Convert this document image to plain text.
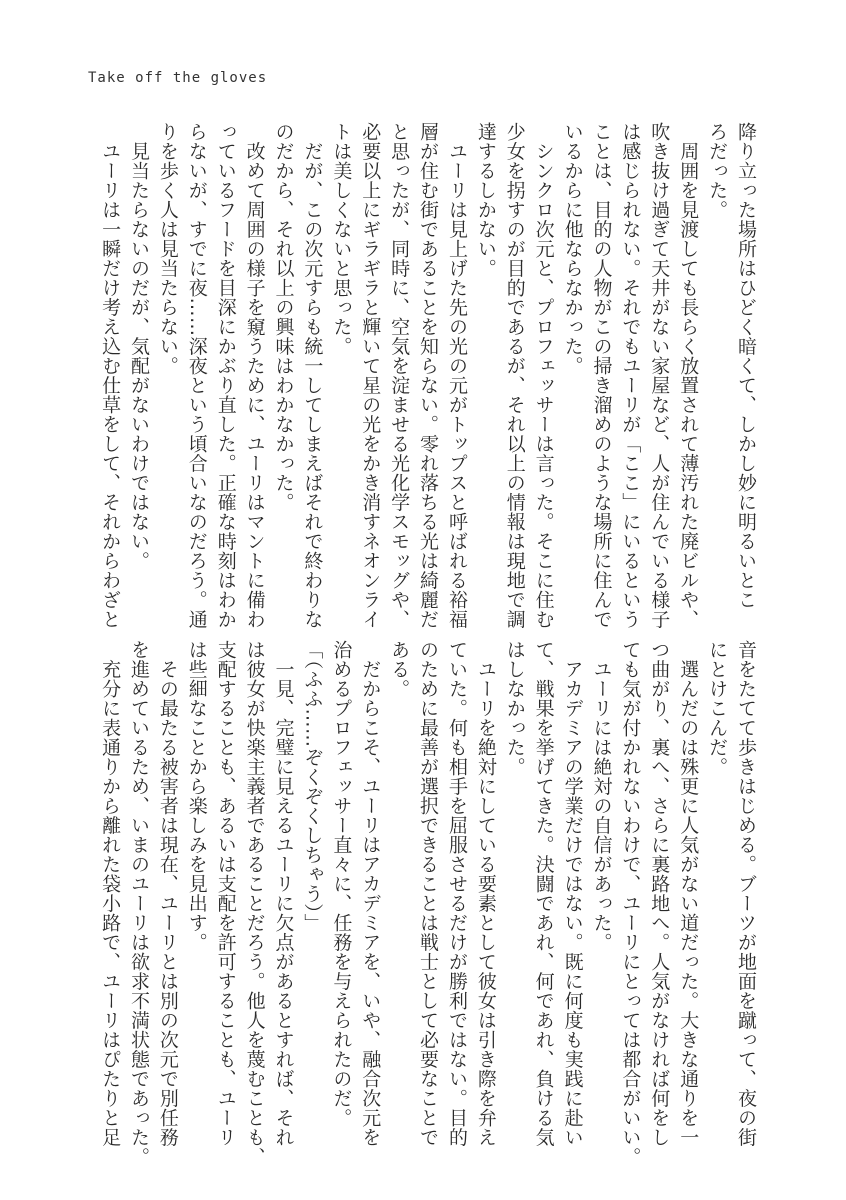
Take off the gloves
降り立った場所はひどく暗くて、しかし妙に明るいとこ
ろだった。
　周囲を見渡しても長らく放置されて薄汚れた廃ビルや、
吹き抜け過ぎて天井がない家屋など、人が住んでいる様子
は感じられない。それでもユーリが「ここ」にいるという
ことは、目的の人物がこの掃き溜めのような場所に住んで
いるからに他ならなかった。
　シンクロ次元と、プロフェッサーは言った。そこに住む
少女を拐すのが目的であるが、それ以上の情報は現地で調
達するしかない。
　ユーリは見上げた先の光の元がトップスと呼ばれる裕福
層が住む街であることを知らない。零れ落ちる光は綺麗だ
と思ったが、同時に、空気を淀ませる光化学スモッグや、
必要以上にギラギラと輝いて星の光をかき消すネオンライ
トは美しくないと思った。
　だが、この次元すらも統一してしまえばそれで終わりな
のだから、それ以上の興味はわかなかった。
　改めて周囲の様子を窺うために、ユーリはマントに備わ
っているフードを目深にかぶり直した。正確な時刻はわか
らないが、すでに夜……深夜という頃合いなのだろう。通
りを歩く人は見当たらない。
　見当たらないのだが、気配がないわけではない。
　ユーリは一瞬だけ考え込む仕草をして、それからわざと
音をたてて歩きはじめる。ブーツが地面を蹴って、夜の街
にとけこんだ。
　選んだのは殊更に人気がない道だった。大きな通りを一
つ曲がり、裏へ、さらに裏路地へ。人気がなければ何をし
ても気が付かれないわけで、ユーリにとっては都合がいい。
　ユーリには絶対の自信があった。
　アカデミアの学業だけではない。既に何度も実践に赴い
て、戦果を挙げてきた。決闘であれ、何であれ、負ける気
はしなかった。
　ユーリを絶対にしている要素として彼女は引き際を弁え
ていた。何も相手を屈服させるだけが勝利ではない。目的
のために最善が選択できることは戦士として必要なことで
ある。
　だからこそ、ユーリはアカデミアを、いや、融合次元を
治めるプロフェッサー直々に、任務を与えられたのだ。
「（ふふ……ぞくぞくしちゃう）」
　一見、完璧に見えるユーリに欠点があるとすれば、それ
は彼女が快楽主義者であることだろう。他人を蔑むことも、
支配することも、あるいは支配を許可することも、ユーリ
は些細なことから楽しみを見出す。
　その最たる被害者は現在、ユーリとは別の次元で別任務
を進めているため、いまのユーリは欲求不満状態であった。
　充分に表通りから離れた袋小路で、ユーリはぴたりと足
